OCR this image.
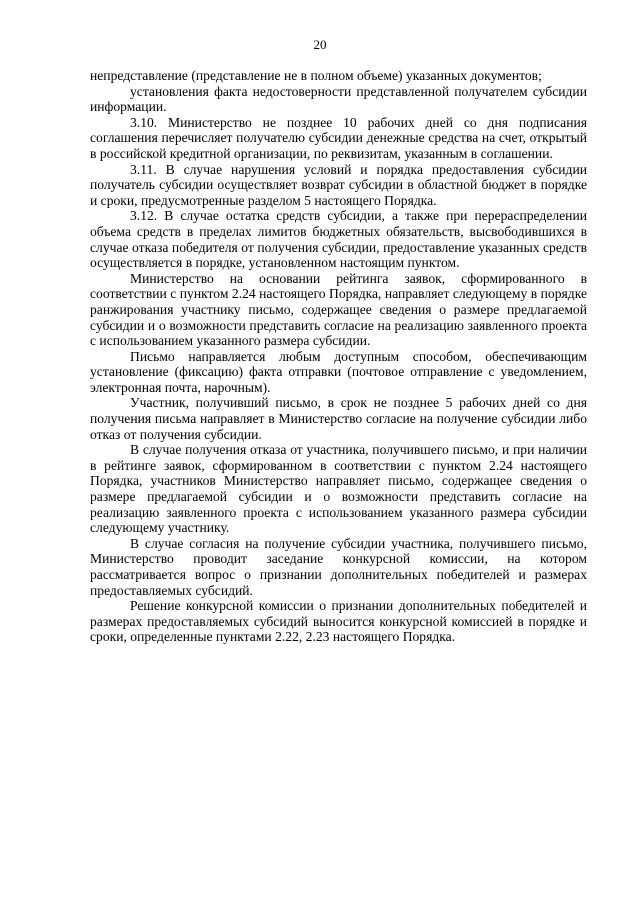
20

непредставление (представление не в полном объеме) указанных документов;

установления факта недостоверности представленной получателем субсидии информации.

3.10. Министерство не позднее 10 рабочих дней со дня подписания соглашения перечисляет получателю субсидии денежные средства на счет, открытый в российской кредитной организации, по реквизитам, указанным в соглашении.

3.11. В случае нарушения условий и порядка предоставления субсидии получатель субсидии осуществляет возврат субсидии в областной бюджет в порядке и сроки, предусмотренные разделом 5 настоящего Порядка.

3.12. В случае остатка средств субсидии, а также при перераспределении объема средств в пределах лимитов бюджетных обязательств, высвободившихся в случае отказа победителя от получения субсидии, предоставление указанных средств осуществляется в порядке, установленном настоящим пунктом.

Министерство на основании рейтинга заявок, сформированного в соответствии с пунктом 2.24 настоящего Порядка, направляет следующему в порядке ранжирования участнику письмо, содержащее сведения о размере предлагаемой субсидии и о возможности представить согласие на реализацию заявленного проекта с использованием указанного размера субсидии.

Письмо направляется любым доступным способом, обеспечивающим установление (фиксацию) факта отправки (почтовое отправление с уведомлением, электронная почта, нарочным).

Участник, получивший письмо, в срок не позднее 5 рабочих дней со дня получения письма направляет в Министерство согласие на получение субсидии либо отказ от получения субсидии.

В случае получения отказа от участника, получившего письмо, и при наличии в рейтинге заявок, сформированном в соответствии с пунктом 2.24 настоящего Порядка, участников Министерство направляет письмо, содержащее сведения о размере предлагаемой субсидии и о возможности представить согласие на реализацию заявленного проекта с использованием указанного размера субсидии следующему участнику.

В случае согласия на получение субсидии участника, получившего письмо, Министерство проводит заседание конкурсной комиссии, на котором рассматривается вопрос о признании дополнительных победителей и размерах предоставляемых субсидий.

Решение конкурсной комиссии о признании дополнительных победителей и размерах предоставляемых субсидий выносится конкурсной комиссией в порядке и сроки, определенные пунктами 2.22, 2.23 настоящего Порядка.
